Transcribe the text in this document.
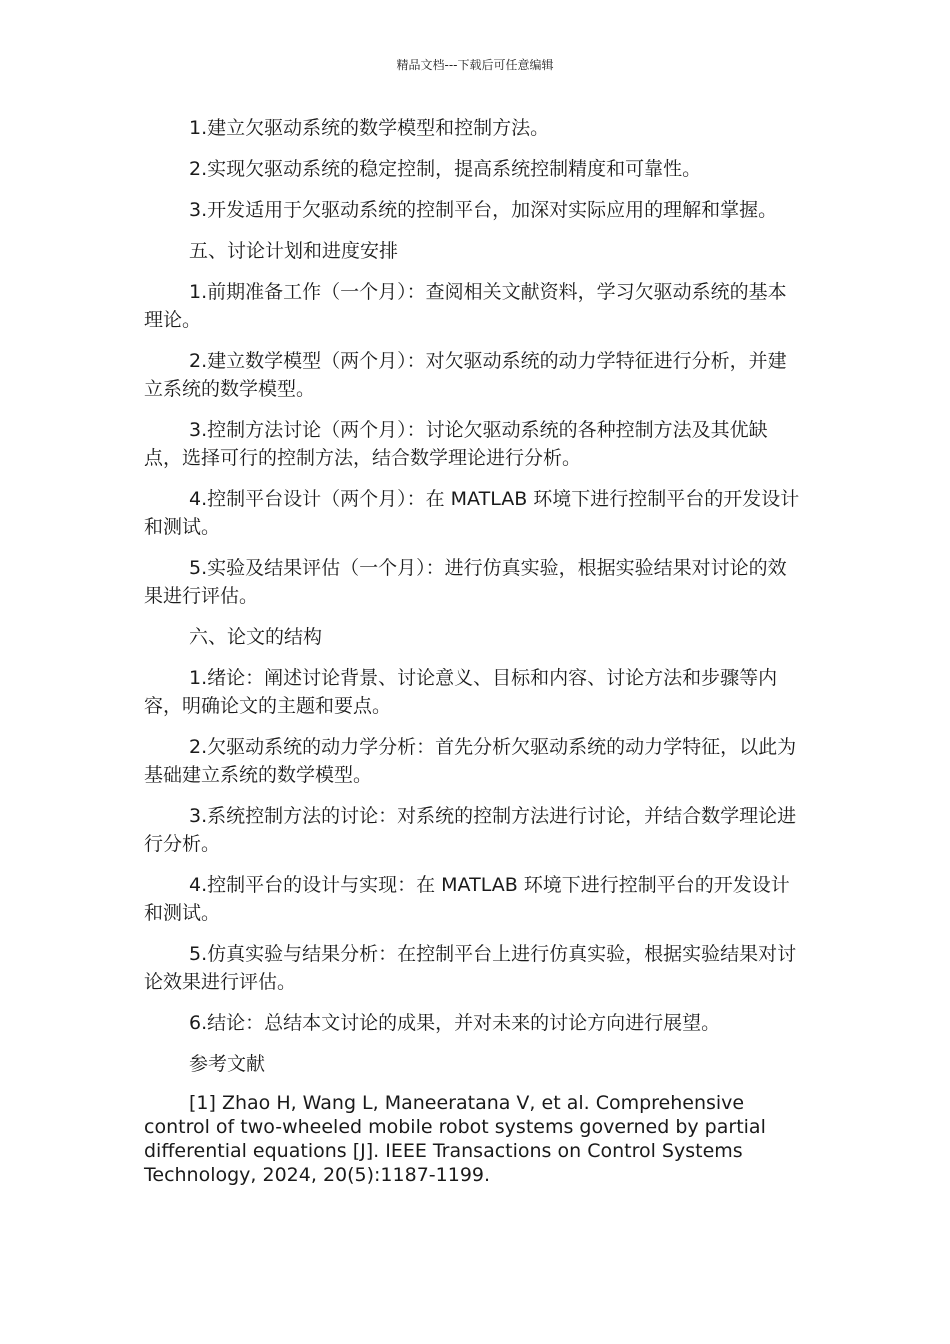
精品文档---下载后可任意编辑

1.建立欠驱动系统的数学模型和控制方法。

2.实现欠驱动系统的稳定控制，提高系统控制精度和可靠性。

3.开发适用于欠驱动系统的控制平台，加深对实际应用的理解和掌握。

五、讨论计划和进度安排

1.前期准备工作（一个月）：查阅相关文献资料，学习欠驱动系统的基本理论。

2.建立数学模型（两个月）：对欠驱动系统的动力学特征进行分析，并建立系统的数学模型。

3.控制方法讨论（两个月）：讨论欠驱动系统的各种控制方法及其优缺点，选择可行的控制方法，结合数学理论进行分析。

4.控制平台设计（两个月）：在 MATLAB 环境下进行控制平台的开发设计和测试。

5.实验及结果评估（一个月）：进行仿真实验，根据实验结果对讨论的效果进行评估。

六、论文的结构

1.绪论：阐述讨论背景、讨论意义、目标和内容、讨论方法和步骤等内容，明确论文的主题和要点。

2.欠驱动系统的动力学分析：首先分析欠驱动系统的动力学特征，以此为基础建立系统的数学模型。

3.系统控制方法的讨论：对系统的控制方法进行讨论，并结合数学理论进行分析。

4.控制平台的设计与实现：在 MATLAB 环境下进行控制平台的开发设计和测试。

5.仿真实验与结果分析：在控制平台上进行仿真实验，根据实验结果对讨论效果进行评估。

6.结论：总结本文讨论的成果，并对未来的讨论方向进行展望。

参考文献

[1] Zhao H, Wang L, Maneeratana V, et al. Comprehensive control of two-wheeled mobile robot systems governed by partial differential equations [J]. IEEE Transactions on Control Systems Technology, 2024, 20(5):1187-1199.
